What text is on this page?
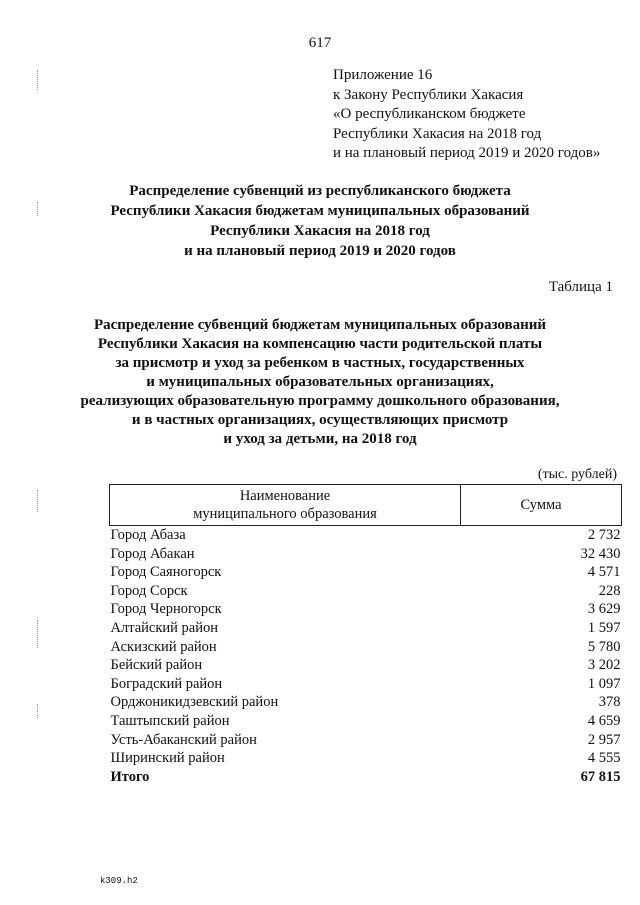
617
Приложение 16
к Закону Республики Хакасия
«О республиканском бюджете
Республики Хакасия на 2018 год
и на плановый период 2019 и 2020 годов»
Распределение субвенций из республиканского бюджета
Республики Хакасия бюджетам муниципальных образований
Республики Хакасия на 2018 год
и на плановый период 2019 и 2020 годов
Таблица 1
Распределение субвенций бюджетам муниципальных образований
Республики Хакасия на компенсацию части родительской платы
за присмотр и уход за ребенком в частных, государственных
и муниципальных образовательных организациях,
реализующих образовательную программу дошкольного образования,
и в частных организациях, осуществляющих присмотр
и уход за детьми, на 2018 год
(тыс. рублей)
Наименование
муниципального образования	Сумма
Город Абаза	2 732
Город Абакан	32 430
Город Саяногорск	4 571
Город Сорск	228
Город Черногорск	3 629
Алтайский район	1 597
Аскизский район	5 780
Бейский район	3 202
Боградский район	1 097
Орджоникидзевский район	378
Таштыпский район	4 659
Усть-Абаканский район	2 957
Ширинский район	4 555
Итого	67 815
k309.h2
